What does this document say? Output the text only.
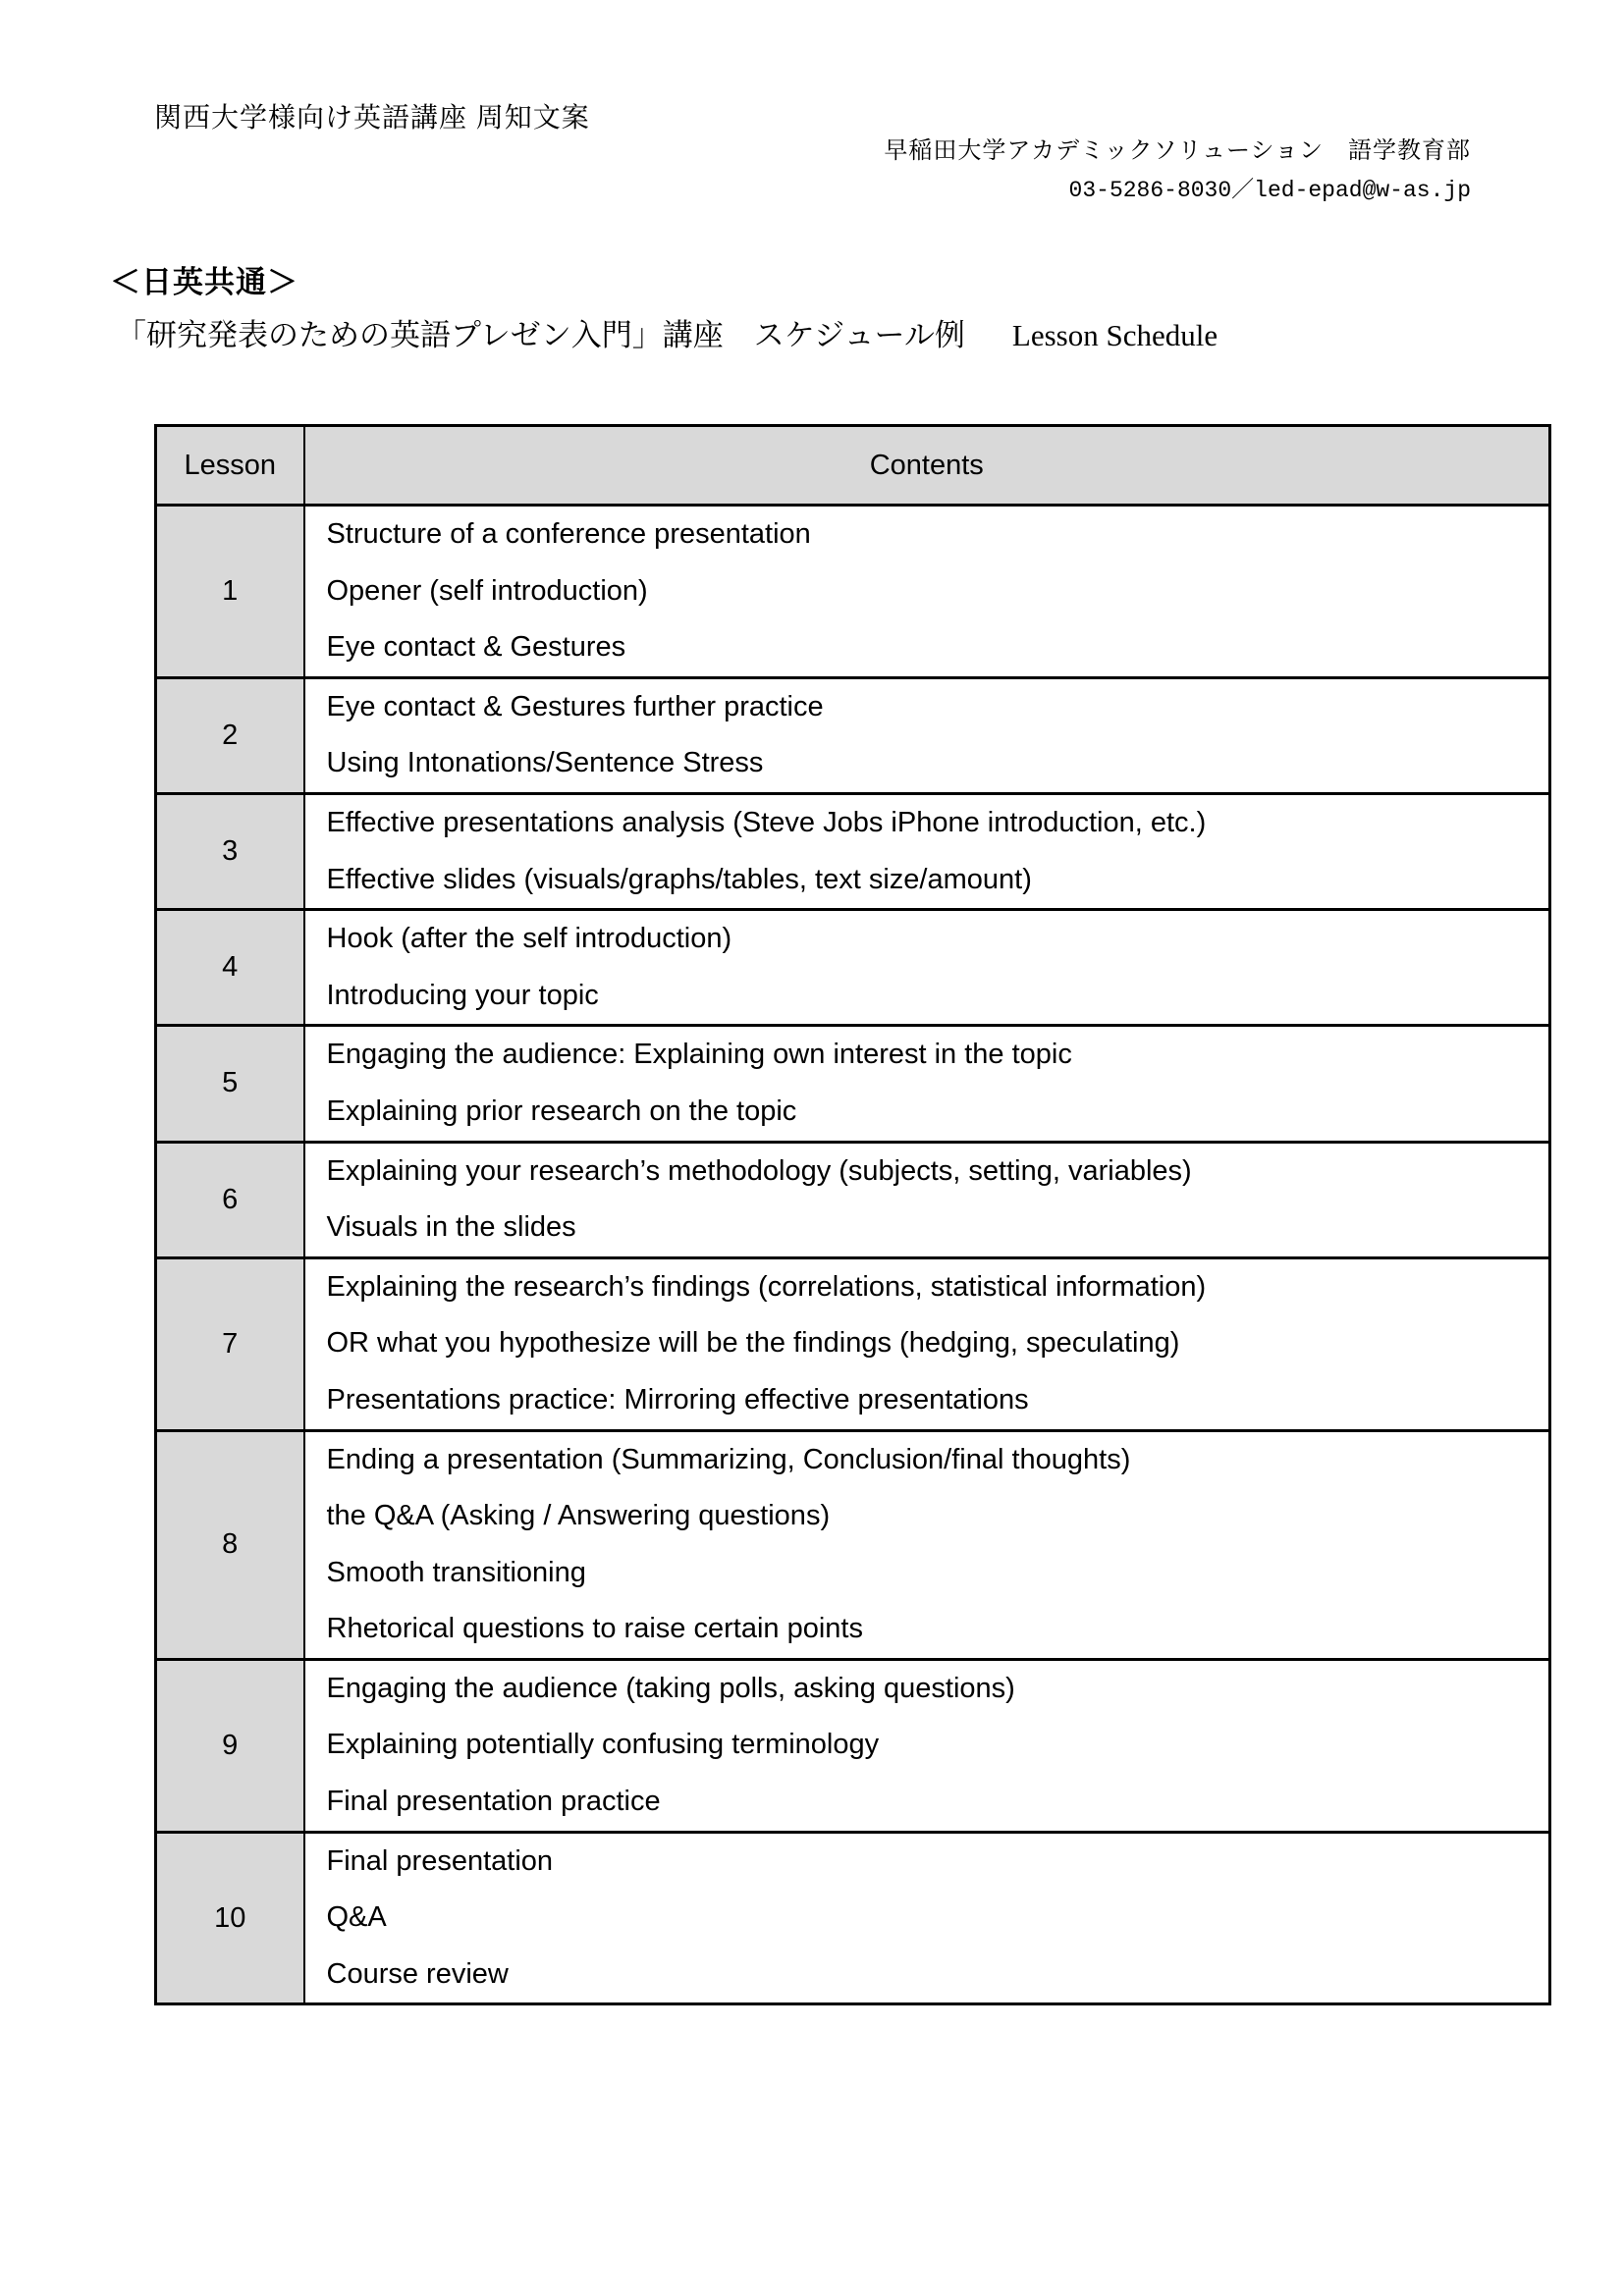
関西大学様向け英語講座 周知文案
早稲田大学アカデミックソリューション　語学教育部
03-5286-8030／led-epad@w-as.jp
＜日英共通＞
「研究発表のための英語プレゼン入門」講座　スケジュール例 Lesson Schedule
Lesson	Contents
1	Structure of a conference presentation
Opener (self introduction)
Eye contact & Gestures

2	Eye contact & Gestures further practice
Using Intonations/Sentence Stress

3	Effective presentations analysis (Steve Jobs iPhone introduction, etc.)
Effective slides (visuals/graphs/tables, text size/amount)

4	Hook (after the self introduction)
Introducing your topic

5	Engaging the audience: Explaining own interest in the topic
Explaining prior research on the topic

6	Explaining your research’s methodology (subjects, setting, variables)
Visuals in the slides

7	Explaining the research’s findings (correlations, statistical information)
OR what you hypothesize will be the findings (hedging, speculating)
Presentations practice: Mirroring effective presentations

8	Ending a presentation (Summarizing, Conclusion/final thoughts)
the Q&A (Asking / Answering questions)
Smooth transitioning
Rhetorical questions to raise certain points

9	Engaging the audience (taking polls, asking questions)
Explaining potentially confusing terminology
Final presentation practice

10	Final presentation
Q&A
Course review
